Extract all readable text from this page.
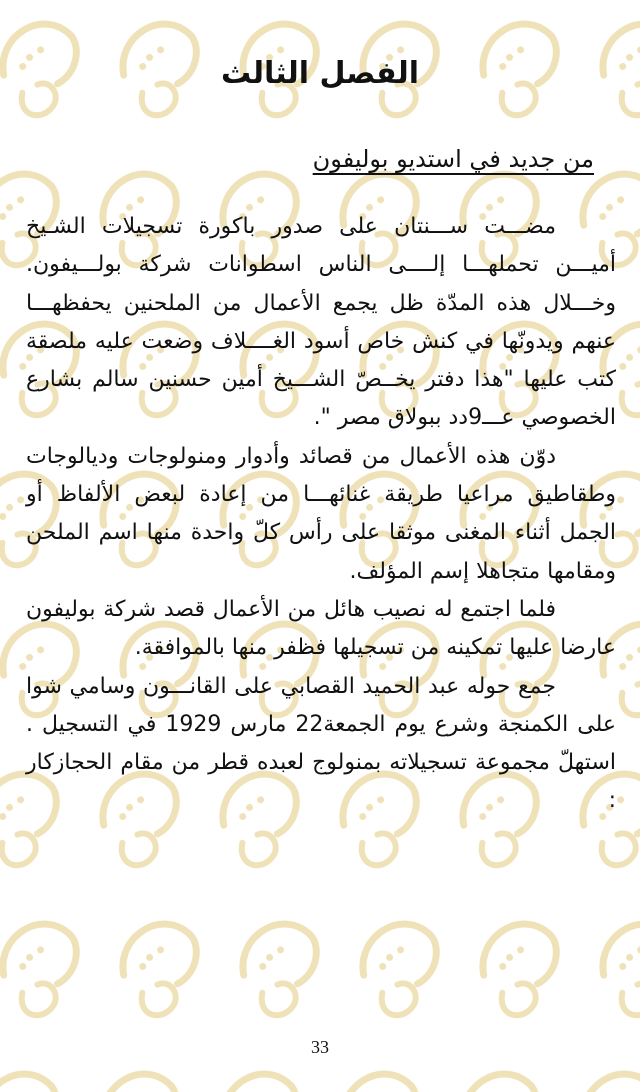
الفصل الثالث
من جديد في استديو بوليفون

مضـــت ســـنتان على صدور باكورة تسجيلات الشـيخ أميـــن تحملهـــا إلــــى الناس اسطوانات شركة بولـــيفون. وخـــلال هذه المدّة ظل يجمع الأعمال من الملحنين يحفظهـــا عنهم ويدونّها في كنش خاص أسود الغــــلاف وضعت عليه ملصقة كتب عليها "هذا دفتر يخــصّ الشـــيخ أمين حسنين سالم بشارع الخصوصي عـــ9دد ببولاق مصر ".

دوّن هذه الأعمال من قصائد وأدوار ومنولوجات وديالوجات وطقاطيق مراعيا طريقة غنائهـــا من إعادة لبعض الألفاظ أو الجمل أثناء المغنى موثقا على رأس كلّ واحدة منها اسم الملحن ومقامها متجاهلا إسم المؤلف.

فلما اجتمع له نصيب هائل من الأعمال قصد شركة بوليفون عارضا عليها تمكينه من تسجيلها فظفر منها بالموافقة.

جمع حوله عبد الحميد القصابي على القانـــون وسامي شوا على الكمنجة وشرع يوم الجمعة22 مارس 1929 في التسجيل . استهلّ مجموعة تسجيلاته بمنولوج لعبده قطر من مقام الحجازكار :

33
